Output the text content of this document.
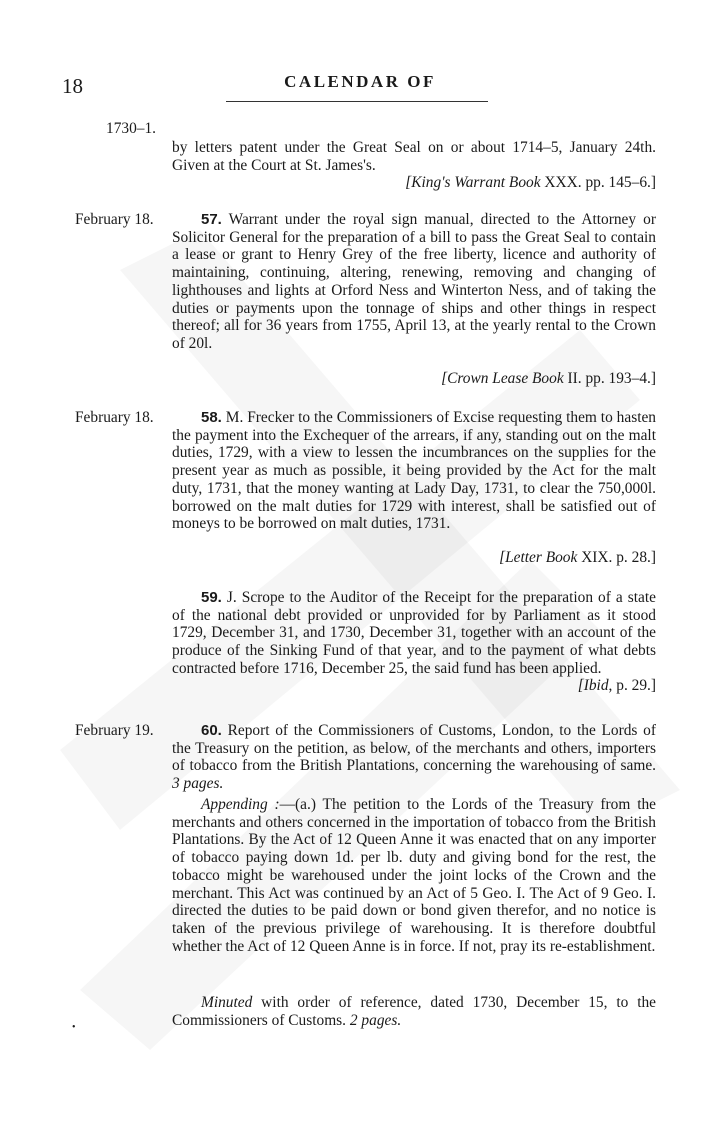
18	CALENDAR OF
1730–1.
by letters patent under the Great Seal on or about 1714–5, January 24th. Given at the Court at St. James's.
[King's Warrant Book XXX. pp. 145–6.]
February 18.	57. Warrant under the royal sign manual, directed to the Attorney or Solicitor General for the preparation of a bill to pass the Great Seal to contain a lease or grant to Henry Grey of the free liberty, licence and authority of maintaining, continuing, altering, renewing, removing and changing of lighthouses and lights at Orford Ness and Winterton Ness, and of taking the duties or payments upon the tonnage of ships and other things in respect thereof; all for 36 years from 1755, April 13, at the yearly rental to the Crown of 20l.
[Crown Lease Book II. pp. 193–4.]
February 18.	58. M. Frecker to the Commissioners of Excise requesting them to hasten the payment into the Exchequer of the arrears, if any, standing out on the malt duties, 1729, with a view to lessen the incumbrances on the supplies for the present year as much as possible, it being provided by the Act for the malt duty, 1731, that the money wanting at Lady Day, 1731, to clear the 750,000l. borrowed on the malt duties for 1729 with interest, shall be satisfied out of moneys to be borrowed on malt duties, 1731.
[Letter Book XIX. p. 28.]
59. J. Scrope to the Auditor of the Receipt for the preparation of a state of the national debt provided or unprovided for by Parliament as it stood 1729, December 31, and 1730, December 31, together with an account of the produce of the Sinking Fund of that year, and to the payment of what debts contracted before 1716, December 25, the said fund has been applied.
[Ibid, p. 29.]
February 19.	60. Report of the Commissioners of Customs, London, to the Lords of the Treasury on the petition, as below, of the merchants and others, importers of tobacco from the British Plantations, concerning the warehousing of same. 3 pages.
Appending :—(a.) The petition to the Lords of the Treasury from the merchants and others concerned in the importation of tobacco from the British Plantations. By the Act of 12 Queen Anne it was enacted that on any importer of tobacco paying down 1d. per lb. duty and giving bond for the rest, the tobacco might be warehoused under the joint locks of the Crown and the merchant. This Act was continued by an Act of 5 Geo. I. The Act of 9 Geo. I. directed the duties to be paid down or bond given therefor, and no notice is taken of the previous privilege of warehousing. It is therefore doubtful whether the Act of 12 Queen Anne is in force. If not, pray its re-establishment.
Minuted with order of reference, dated 1730, December 15, to the Commissioners of Customs. 2 pages.
•
